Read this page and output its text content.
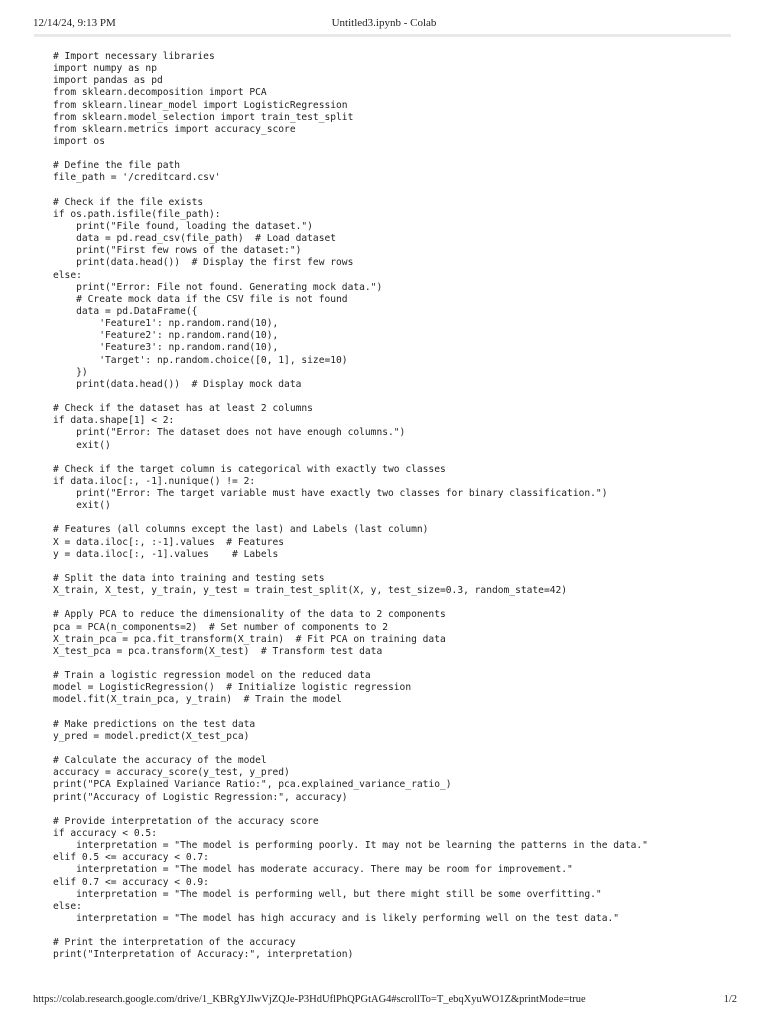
12/14/24, 9:13 PM	Untitled3.ipynb - Colab
# Import necessary libraries
import numpy as np
import pandas as pd
from sklearn.decomposition import PCA
from sklearn.linear_model import LogisticRegression
from sklearn.model_selection import train_test_split
from sklearn.metrics import accuracy_score
import os
# Define the file path
file_path = '/creditcard.csv'
# Check if the file exists
if os.path.isfile(file_path):
print("File found, loading the dataset.")
data = pd.read_csv(file_path)  # Load dataset
print("First few rows of the dataset:")
print(data.head())  # Display the first few rows
else:
print("Error: File not found. Generating mock data.")
# Create mock data if the CSV file is not found
data = pd.DataFrame({
'Feature1': np.random.rand(10),
'Feature2': np.random.rand(10),
'Feature3': np.random.rand(10),
'Target': np.random.choice([0, 1], size=10)
})
print(data.head())  # Display mock data
# Check if the dataset has at least 2 columns
if data.shape[1] < 2:
print("Error: The dataset does not have enough columns.")
exit()
# Check if the target column is categorical with exactly two classes
if data.iloc[:, -1].nunique() != 2:
print("Error: The target variable must have exactly two classes for binary classification.")
exit()
# Features (all columns except the last) and Labels (last column)
X = data.iloc[:, :-1].values  # Features
y = data.iloc[:, -1].values    # Labels
# Split the data into training and testing sets
X_train, X_test, y_train, y_test = train_test_split(X, y, test_size=0.3, random_state=42)
# Apply PCA to reduce the dimensionality of the data to 2 components
pca = PCA(n_components=2)  # Set number of components to 2
X_train_pca = pca.fit_transform(X_train)  # Fit PCA on training data
X_test_pca = pca.transform(X_test)  # Transform test data
# Train a logistic regression model on the reduced data
model = LogisticRegression()  # Initialize logistic regression
model.fit(X_train_pca, y_train)  # Train the model
# Make predictions on the test data
y_pred = model.predict(X_test_pca)
# Calculate the accuracy of the model
accuracy = accuracy_score(y_test, y_pred)
print("PCA Explained Variance Ratio:", pca.explained_variance_ratio_)
print("Accuracy of Logistic Regression:", accuracy)
# Provide interpretation of the accuracy score
if accuracy < 0.5:
interpretation = "The model is performing poorly. It may not be learning the patterns in the data."
elif 0.5 <= accuracy < 0.7:
interpretation = "The model has moderate accuracy. There may be room for improvement."
elif 0.7 <= accuracy < 0.9:
interpretation = "The model is performing well, but there might still be some overfitting."
else:
interpretation = "The model has high accuracy and is likely performing well on the test data."
# Print the interpretation of the accuracy
print("Interpretation of Accuracy:", interpretation)
https://colab.research.google.com/drive/1_KBRgYJlwVjZQJe-P3HdUflPhQPGtAG4#scrollTo=T_ebqXyuWO1Z&printMode=true	1/2
